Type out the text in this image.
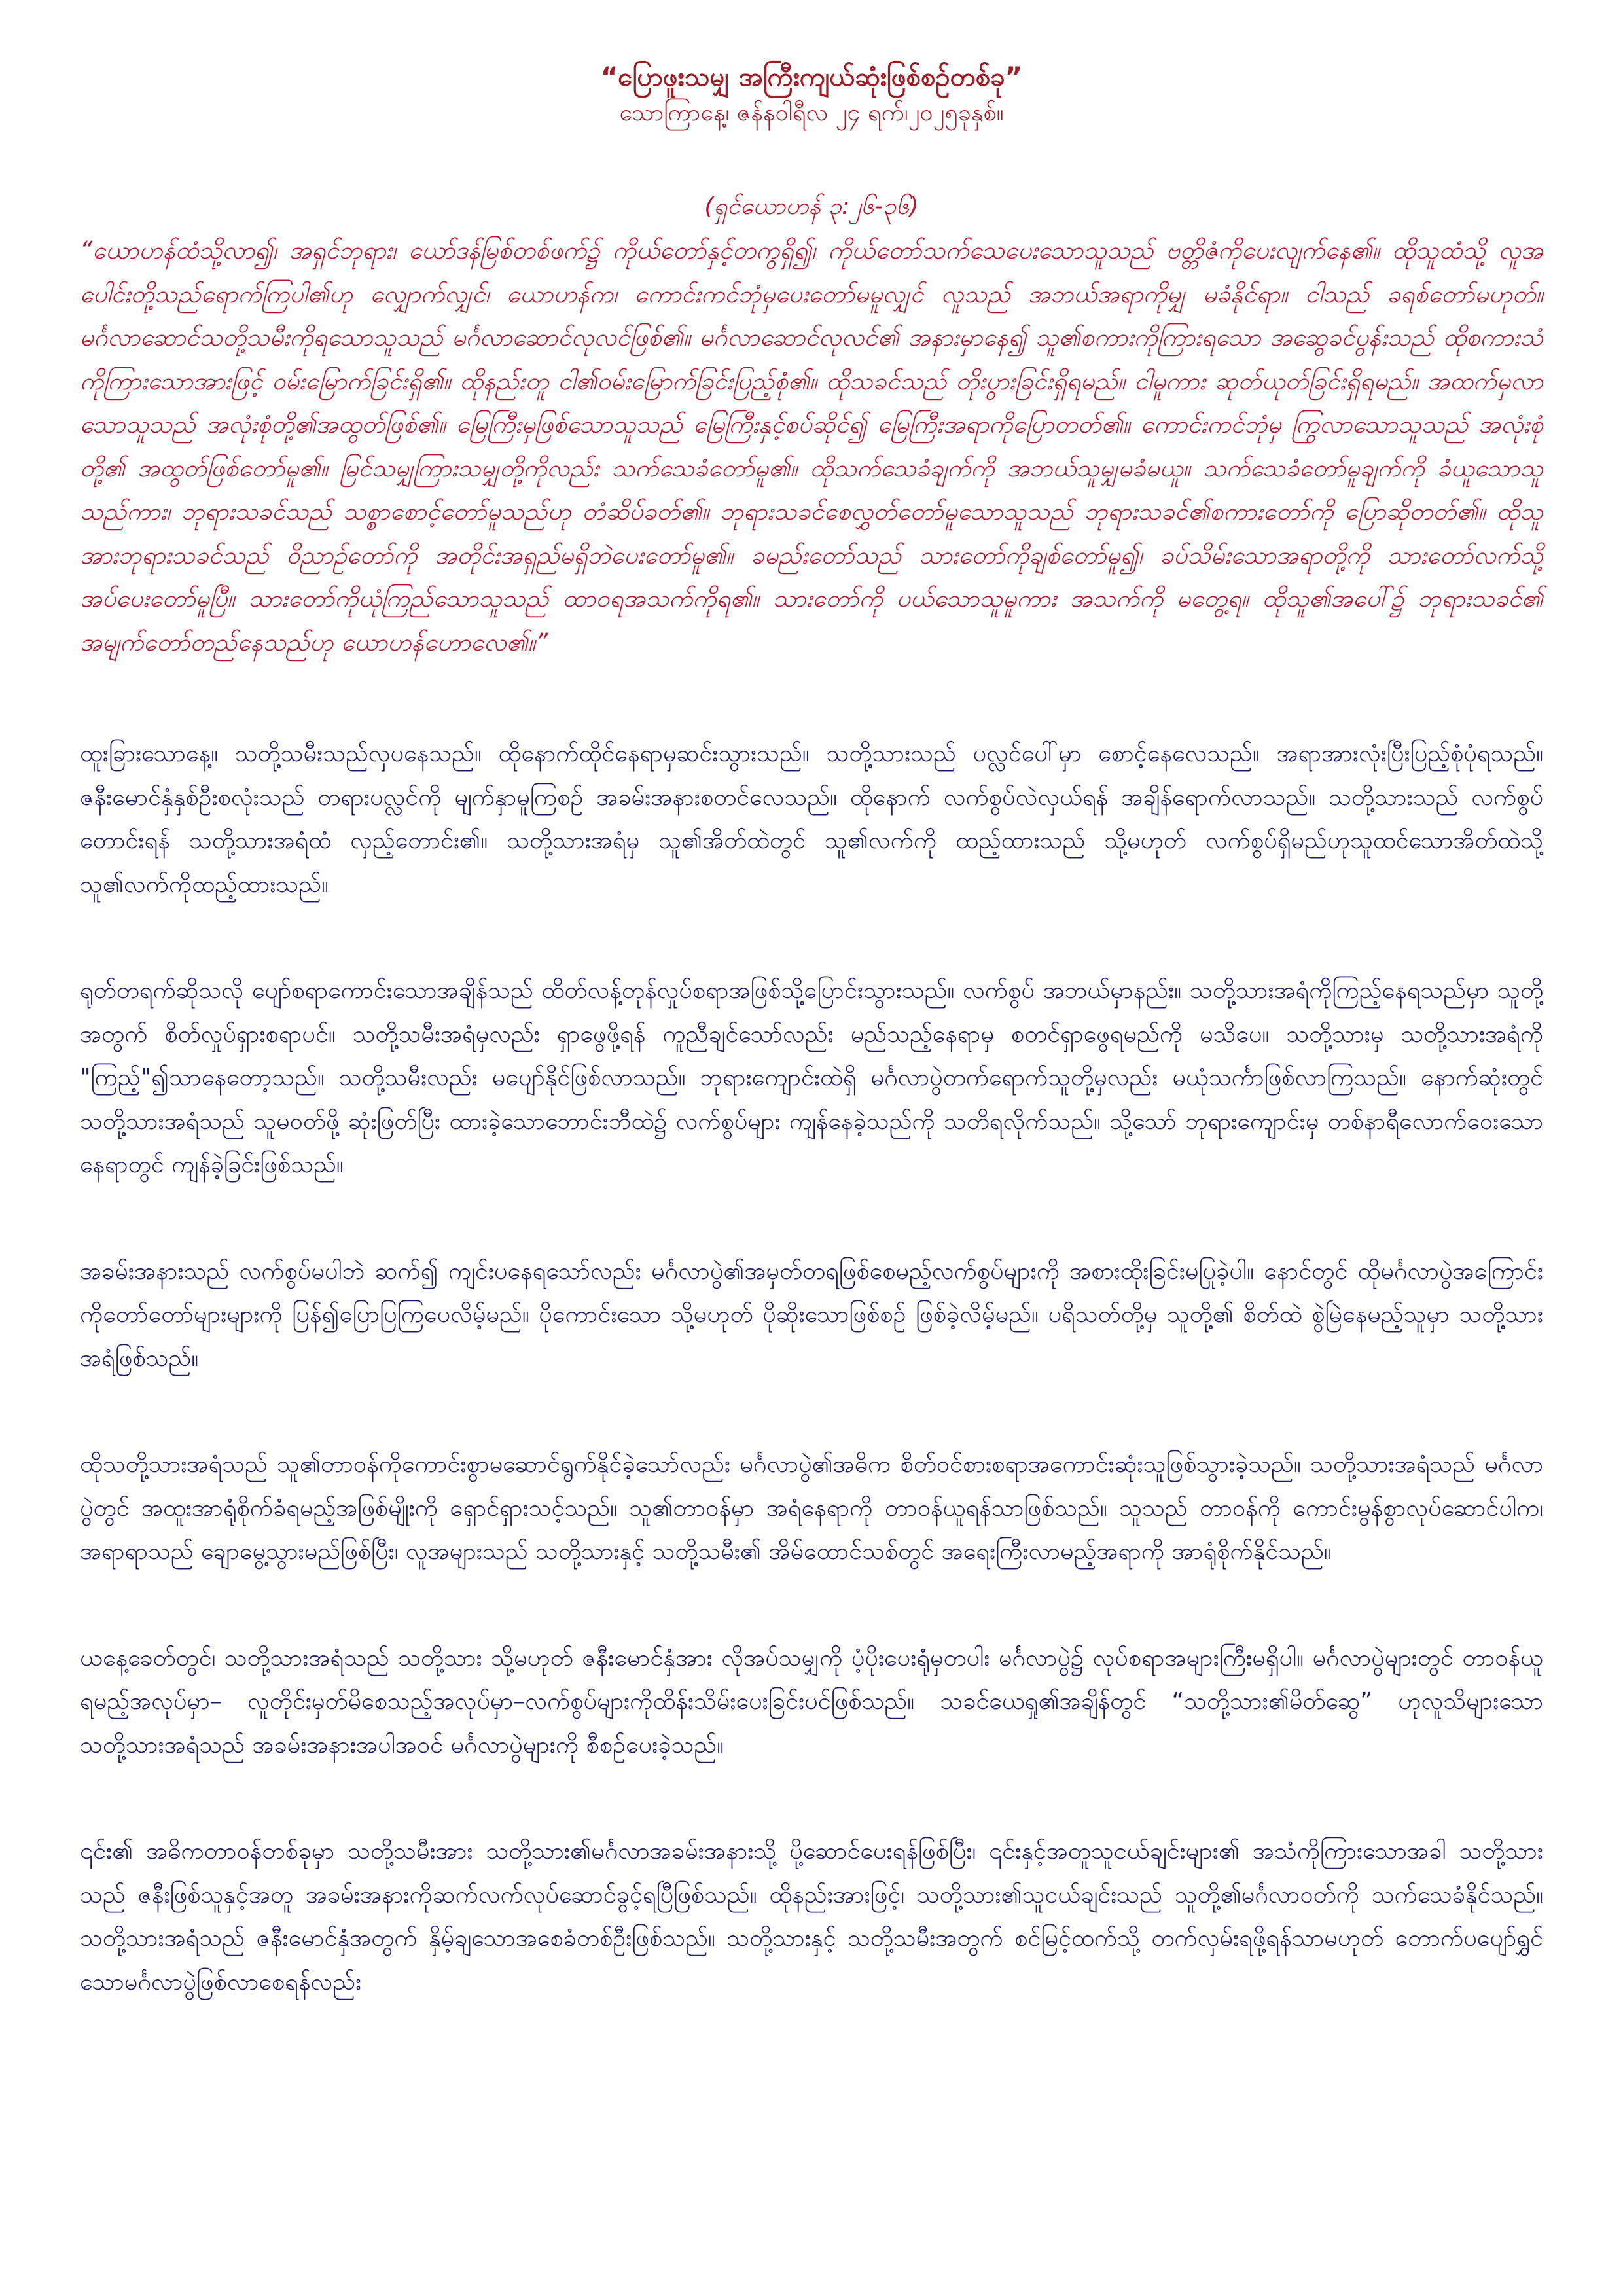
“ပြောဖူးသမျှ အကြီးကျယ်ဆုံးဖြစ်စဥ်တစ်ခု”

သောကြာနေ့၊ ဇန်နဝါရီလ ၂၄ ရက်၊၂၀၂၅ခုနှစ်။

(ရှင်ယောဟန် ၃:၂၆-၃၆)

“ယောဟန်ထံသို့လာ၍၊ အရှင်ဘုရား၊ ယော်ဒန်မြစ်တစ်ဖက်၌ ကိုယ်တော်နှင့်တကွရှိ၍၊ ကိုယ်တော်သက်သေပေးသောသူသည် ဗတ္တိဇံကိုပေးလျက်နေ၏။ ထိုသူထံသို့ လူအပေါင်းတို့သည်ရောက်ကြပါ၏ဟု လျှောက်လျှင်၊ ယောဟန်က၊ ကောင်းကင်ဘုံမှပေးတော်မမူလျှင် လူသည် အဘယ်အရာကိုမျှ မခံနိုင်ရာ။ ငါသည် ခရစ်တော်မဟုတ်။ မင်္ဂလာဆောင်သတို့သမီးကိုရသောသူသည် မင်္ဂလာဆောင်လုလင်ဖြစ်၏။ မင်္ဂလာဆောင်လုလင်၏ အနားမှာနေ၍ သူ၏စကားကိုကြားရသော အဆွေခင်ပွန်းသည် ထိုစကားသံကိုကြားသောအားဖြင့် ဝမ်းမြောက်ခြင်းရှိ၏။ ထိုနည်းတူ ငါ၏ဝမ်းမြောက်ခြင်းပြည့်စုံ၏။ ထိုသခင်သည် တိုးပွားခြင်းရှိရမည်။ ငါမူကား ဆုတ်ယုတ်ခြင်းရှိရမည်။ အထက်မှလာသောသူသည် အလုံးစုံတို့၏အထွတ်ဖြစ်၏။ မြေကြီးမှဖြစ်သောသူသည် မြေကြီးနှင့်စပ်ဆိုင်၍ မြေကြီးအရာကိုပြောတတ်၏။ ကောင်းကင်ဘုံမှ ကြွလာသောသူသည် အလုံးစုံတို့၏ အထွတ်ဖြစ်တော်မူ၏။ မြင်သမျှကြားသမျှတို့ကိုလည်း သက်သေခံတော်မူ၏။ ထိုသက်သေခံချက်ကို အဘယ်သူမျှမခံမယူ။ သက်သေခံတော်မူချက်ကို ခံယူသောသူသည်ကား၊ ဘုရားသခင်သည် သစ္စာစောင့်တော်မူသည်ဟု တံဆိပ်ခတ်၏။ ဘုရားသခင်စေလွှတ်တော်မူသောသူသည် ဘုရားသခင်၏စကားတော်ကို ပြောဆိုတတ်၏။ ထိုသူအားဘုရားသခင်သည် ဝိညာဉ်တော်ကို အတိုင်းအရှည်မရှိဘဲပေးတော်မူ၏။ ခမည်းတော်သည် သားတော်ကိုချစ်တော်မူ၍၊ ခပ်သိမ်းသောအရာတို့ကို သားတော်လက်သို့ အပ်ပေးတော်မူပြီ။ သားတော်ကိုယုံကြည်သောသူသည် ထာဝရအသက်ကိုရ၏။ သားတော်ကို ပယ်သောသူမူကား အသက်ကို မတွေ့ရ။ ထိုသူ၏အပေါ်၌ ဘုရားသခင်၏ အမျက်တော်တည်နေသည်ဟု ယောဟန်ဟောလေ၏။”

ထူးခြားသောနေ့။ သတို့သမီးသည်လှပနေသည်။ ထိုနောက်ထိုင်နေရာမှဆင်းသွားသည်။ သတို့သားသည် ပလ္လင်ပေါ်မှာ စောင့်နေလေသည်။ အရာအားလုံးပြီးပြည့်စုံပုံရသည်။ ဇနီးမောင်နှံနှစ်ဦးစလုံးသည် တရားပလ္လင်ကို မျက်နှာမူကြစဉ် အခမ်းအနားစတင်လေသည်။ ထိုနောက် လက်စွပ်လဲလှယ်ရန် အချိန်ရောက်လာသည်။ သတို့သားသည် လက်စွပ်တောင်းရန် သတို့သားအရံထံ လှည့်တောင်း၏။ သတို့သားအရံမှ သူ၏အိတ်ထဲတွင် သူ၏လက်ကို ထည့်ထားသည် သို့မဟုတ် လက်စွပ်ရှိမည်ဟုသူထင်သောအိတ်ထဲသို့ သူ၏လက်ကိုထည့်ထားသည်။

ရုတ်တရက်ဆိုသလို ပျော်စရာကောင်းသောအချိန်သည် ထိတ်လန့်တုန်လှုပ်စရာအဖြစ်သို့ပြောင်းသွားသည်။ လက်စွပ် အဘယ်မှာနည်း။ သတို့သားအရံကိုကြည့်နေရသည်မှာ သူတို့အတွက် စိတ်လှုပ်ရှားစရာပင်။ သတို့သမီးအရံမှလည်း ရှာဖွေဖို့ရန် ကူညီချင်သော်လည်း မည်သည့်နေရာမှ စတင်ရှာဖွေရမည်ကို မသိပေ။ သတို့သားမှ သတို့သားအရံကို "ကြည့်"၍သာနေတော့သည်။ သတို့သမီးလည်း မပျော်နိုင်ဖြစ်လာသည်။ ဘုရားကျောင်းထဲရှိ မင်္ဂလာပွဲတက်ရောက်သူတို့မှလည်း မယုံသင်္ကာဖြစ်လာကြသည်။ နောက်ဆုံးတွင် သတို့သားအရံသည် သူမဝတ်ဖို့ ဆုံးဖြတ်ပြီး ထားခဲ့သောဘောင်းဘီထဲ၌ လက်စွပ်များ ကျန်နေခဲ့သည်ကို သတိရလိုက်သည်။ သို့သော် ဘုရားကျောင်းမှ တစ်နာရီလောက်ဝေးသော နေရာတွင် ကျန်ခဲ့ခြင်းဖြစ်သည်။

အခမ်းအနားသည် လက်စွပ်မပါဘဲ ဆက်၍ ကျင်းပနေရသော်လည်း မင်္ဂလာပွဲ၏အမှတ်တရဖြစ်စေမည့်လက်စွပ်များကို အစားထိုးခြင်းမပြုခဲ့ပါ။ နောင်တွင် ထိုမင်္ဂလာပွဲအကြောင်းကိုတော်တော်များများကို ပြန်၍ပြောပြကြပေလိမ့်မည်။ ပိုကောင်းသော သို့မဟုတ် ပိုဆိုးသောဖြစ်စဉ် ဖြစ်ခဲ့လိမ့်မည်။ ပရိသတ်တို့မှ သူတို့၏ စိတ်ထဲ စွဲမြဲနေမည့်သူမှာ သတို့သားအရံဖြစ်သည်။

ထိုသတို့သားအရံသည် သူ၏တာဝန်ကိုကောင်းစွာမဆောင်ရွက်နိုင်ခဲ့သော်လည်း မင်္ဂလာပွဲ၏အဓိက စိတ်ဝင်စားစရာအကောင်းဆုံးသူဖြစ်သွားခဲ့သည်။ သတို့သားအရံသည် မင်္ဂလာပွဲတွင် အထူးအာရုံစိုက်ခံရမည့်အဖြစ်မျိုးကို ရှောင်ရှားသင့်သည်။ သူ၏တာဝန်မှာ အရံနေရာကို တာဝန်ယူရန်သာဖြစ်သည်။ သူသည် တာဝန်ကို ကောင်းမွန်စွာလုပ်ဆောင်ပါက၊ အရာရာသည် ချောမွေ့သွားမည်ဖြစ်ပြီး၊ လူအများသည် သတို့သားနှင့် သတို့သမီး၏ အိမ်ထောင်သစ်တွင် အရေးကြီးလာမည့်အရာကို အာရုံစိုက်နိုင်သည်။

ယနေ့ခေတ်တွင်၊ သတို့သားအရံသည် သတို့သား သို့မဟုတ် ဇနီးမောင်နှံအား လိုအပ်သမျှကို ပံ့ပိုးပေးရုံမှတပါး မင်္ဂလာပွဲ၌ လုပ်စရာအများကြီးမရှိပါ။ မင်္ဂလာပွဲများတွင် တာဝန်ယူရမည့်အလုပ်မှာ– လူတိုင်းမှတ်မိစေသည့်အလုပ်မှာ–လက်စွပ်များကိုထိန်းသိမ်းပေးခြင်းပင်ဖြစ်သည်။ သခင်ယေရှု၏အချိန်တွင် “သတို့သား၏မိတ်ဆွေ” ဟုလူသိများသော သတို့သားအရံသည် အခမ်းအနားအပါအဝင် မင်္ဂလာပွဲများကို စီစဉ်ပေးခဲ့သည်။

၎င်း၏ အဓိကတာဝန်တစ်ခုမှာ သတို့သမီးအား သတို့သား၏မင်္ဂလာအခမ်းအနားသို့ ပို့ဆောင်ပေးရန်ဖြစ်ပြီး၊ ၎င်းနှင့်အတူသူငယ်ချင်းများ၏ အသံကိုကြားသောအခါ သတို့သားသည် ဇနီးဖြစ်သူနှင့်အတူ အခမ်းအနားကိုဆက်လက်လုပ်ဆောင်ခွင့်ရပြီဖြစ်သည်။ ထိုနည်းအားဖြင့်၊ သတို့သား၏သူငယ်ချင်းသည် သူတို့၏မင်္ဂလာဝတ်ကို သက်သေခံနိုင်သည်။ သတို့သားအရံသည် ဇနီးမောင်နှံအတွက် နှိမ့်ချသောအစေခံတစ်ဦးဖြစ်သည်။ သတို့သားနှင့် သတို့သမီးအတွက် စင်မြင့်ထက်သို့ တက်လှမ်းရဖို့ရန်သာမဟုတ် တောက်ပပျော်ရွှင်သောမင်္ဂလာပွဲဖြစ်လာစေရန်လည်း
